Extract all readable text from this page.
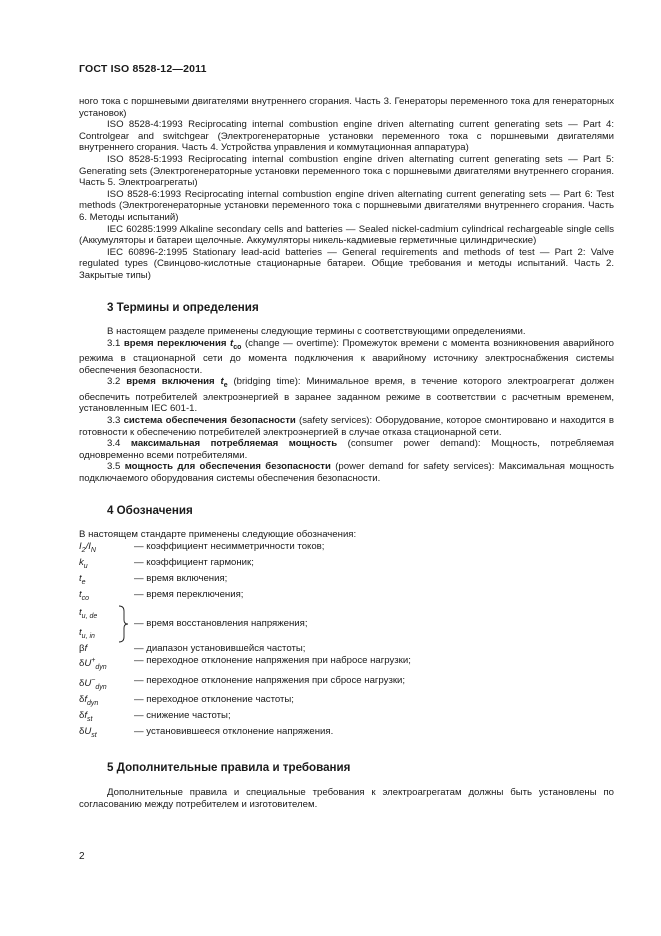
ГОСТ ISO 8528-12—2011

ного тока с поршневыми двигателями внутреннего сгорания. Часть 3. Генераторы переменного тока для генераторных установок)

ISO 8528-4:1993 Reciprocating internal combustion engine driven alternating current generating sets — Part 4: Controlgear and switchgear (Электрогенераторные установки переменного тока с поршневыми двигателями внутреннего сгорания. Часть 4. Устройства управления и коммутационная аппаратура)

ISO 8528-5:1993 Reciprocating internal combustion engine driven alternating current generating sets — Part 5: Generating sets (Электрогенераторные установки переменного тока с поршневыми двигателями внутреннего сгорания. Часть 5. Электроагрегаты)

ISO 8528-6:1993 Reciprocating internal combustion engine driven alternating current generating sets — Part 6: Test methods (Электрогенераторные установки переменного тока с поршневыми двигателями внутреннего сгорания. Часть 6. Методы испытаний)

IEC 60285:1999 Alkaline secondary cells and batteries — Sealed nickel-cadmium cylindrical rechargeable single cells (Аккумуляторы и батареи щелочные. Аккумуляторы никель-кадмиевые герметичные цилиндрические)

IEC 60896-2:1995 Stationary lead-acid batteries — General requirements and methods of test — Part 2: Valve regulated types (Свинцово-кислотные стационарные батареи. Общие требования и методы испытаний. Часть 2. Закрытые типы)

3 Термины и определения

В настоящем разделе применены следующие термины с соответствующими определениями.

3.1 время переключения $t_{co}$ (change — overtime): Промежуток времени с момента возникновения аварийного режима в стационарной сети до момента подключения к аварийному источнику электроснабжения системы обеспечения безопасности.

3.2 время включения $t_e$ (bridging time): Минимальное время, в течение которого электроагрегат должен обеспечить потребителей электроэнергией в заранее заданном режиме в соответствии с расчетным временем, установленным IEC 601-1.

3.3 система обеспечения безопасности (safety services): Оборудование, которое смонтировано и находится в готовности к обеспечению потребителей электроэнергией в случае отказа стационарной сети.

3.4 максимальная потребляемая мощность (consumer power demand): Мощность, потребляемая одновременно всеми потребителями.

3.5 мощность для обеспечения безопасности (power demand for safety services): Максимальная мощность подключаемого оборудования системы обеспечения безопасности.

4 Обозначения

В настоящем стандарте применены следующие обозначения:

$I_2/I_N$	— коэффициент несимметричности токов;
$k_u$	— коэффициент гармоник;
$t_e$	— время включения;
$t_{co}$	— время переключения;

$t_{u, de}$
$t_{u, in}$	— время восстановления напряжения;
βf	— диапазон установившейся частоты;
$\delta U^+_{dyn}$	— переходное отклонение напряжения при набросе нагрузки;
$\delta U^-_{dyn}$	— переходное отклонение напряжения при сбросе нагрузки;
$\delta f_{dyn}$	— переходное отклонение частоты;
$\delta f_{st}$	— снижение частоты;
$\delta U_{st}$	— установившееся отклонение напряжения.
5 Дополнительные правила и требования

Дополнительные правила и специальные требования к электроагрегатам должны быть установлены по согласованию между потребителем и изготовителем.

2
